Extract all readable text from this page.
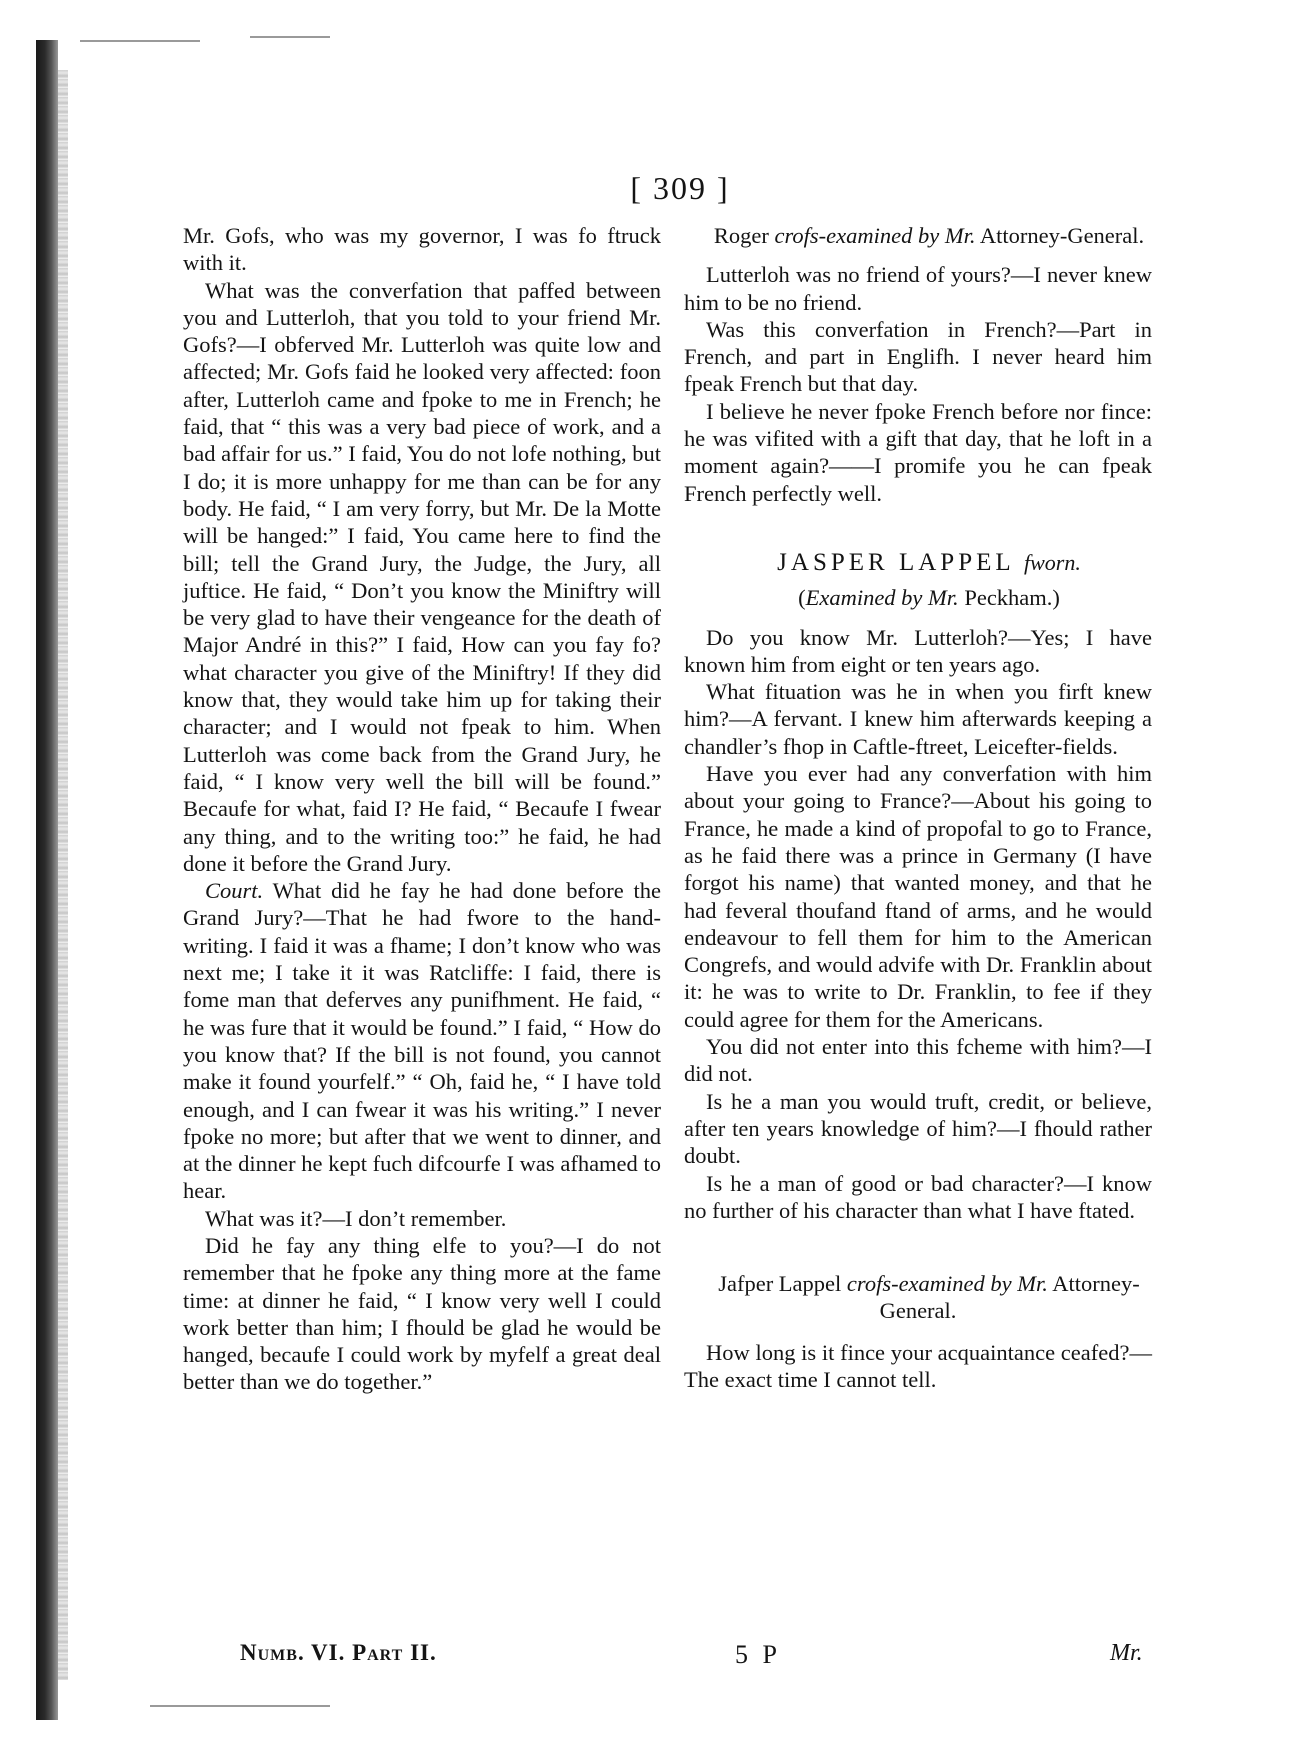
[ 309 ]

Mr. Gofs, who was my governor, I was fo ftruck with it.

What was the converfation that paffed between you and Lutterloh, that you told to your friend Mr. Gofs?—I obferved Mr. Lutterloh was quite low and affected; Mr. Gofs faid he looked very affected: foon after, Lutterloh came and fpoke to me in French; he faid, that “ this was a very bad piece of work, and a bad affair for us.” I faid, You do not lofe nothing, but I do; it is more unhappy for me than can be for any body. He faid, “ I am very forry, but Mr. De la Motte will be hanged:” I faid, You came here to find the bill; tell the Grand Jury, the Judge, the Jury, all juftice. He faid, “ Don’t you know the Miniftry will be very glad to have their vengeance for the death of Major André in this?” I faid, How can you fay fo? what character you give of the Miniftry! If they did know that, they would take him up for taking their character; and I would not fpeak to him. When Lutterloh was come back from the Grand Jury, he faid, “ I know very well the bill will be found.” Becaufe for what, faid I? He faid, “ Becaufe I fwear any thing, and to the writing too:” he faid, he had done it before the Grand Jury.

Court. What did he fay he had done before the Grand Jury?—That he had fwore to the hand-writing. I faid it was a fhame; I don’t know who was next me; I take it it was Ratcliffe: I faid, there is fome man that deferves any punifhment. He faid, “ he was fure that it would be found.” I faid, “ How do you know that? If the bill is not found, you cannot make it found yourfelf.” “ Oh, faid he, “ I have told enough, and I can fwear it was his writing.” I never fpoke no more; but after that we went to dinner, and at the dinner he kept fuch difcourfe I was afhamed to hear.

What was it?—I don’t remember.

Did he fay any thing elfe to you?—I do not remember that he fpoke any thing more at the fame time: at dinner he faid, “ I know very well I could work better than him; I fhould be glad he would be hanged, becaufe I could work by myfelf a great deal better than we do together.”

Roger crofs-examined by Mr. Attorney-General.

Lutterloh was no friend of yours?—I never knew him to be no friend.

Was this converfation in French?—Part in French, and part in Englifh. I never heard him fpeak French but that day.

I believe he never fpoke French before nor fince: he was vifited with a gift that day, that he loft in a moment again?——I promife you he can fpeak French perfectly well.

JASPER LAPPEL fworn.

(Examined by Mr. Peckham.)

Do you know Mr. Lutterloh?—Yes; I have known him from eight or ten years ago.

What fituation was he in when you firft knew him?—A fervant. I knew him afterwards keeping a chandler’s fhop in Caftle-ftreet, Leicefter-fields.

Have you ever had any converfation with him about your going to France?—About his going to France, he made a kind of propofal to go to France, as he faid there was a prince in Germany (I have forgot his name) that wanted money, and that he had feveral thoufand ftand of arms, and he would endeavour to fell them for him to the American Congrefs, and would advife with Dr. Franklin about it: he was to write to Dr. Franklin, to fee if they could agree for them for the Americans.

You did not enter into this fcheme with him?—I did not.

Is he a man you would truft, credit, or believe, after ten years knowledge of him?—I fhould rather doubt.

Is he a man of good or bad character?—I know no further of his character than what I have ftated.

Jafper Lappel crofs-examined by Mr. Attorney-General.

How long is it fince your acquaintance ceafed?—The exact time I cannot tell.

Numb. VI. Part II.	5 P	Mr.
